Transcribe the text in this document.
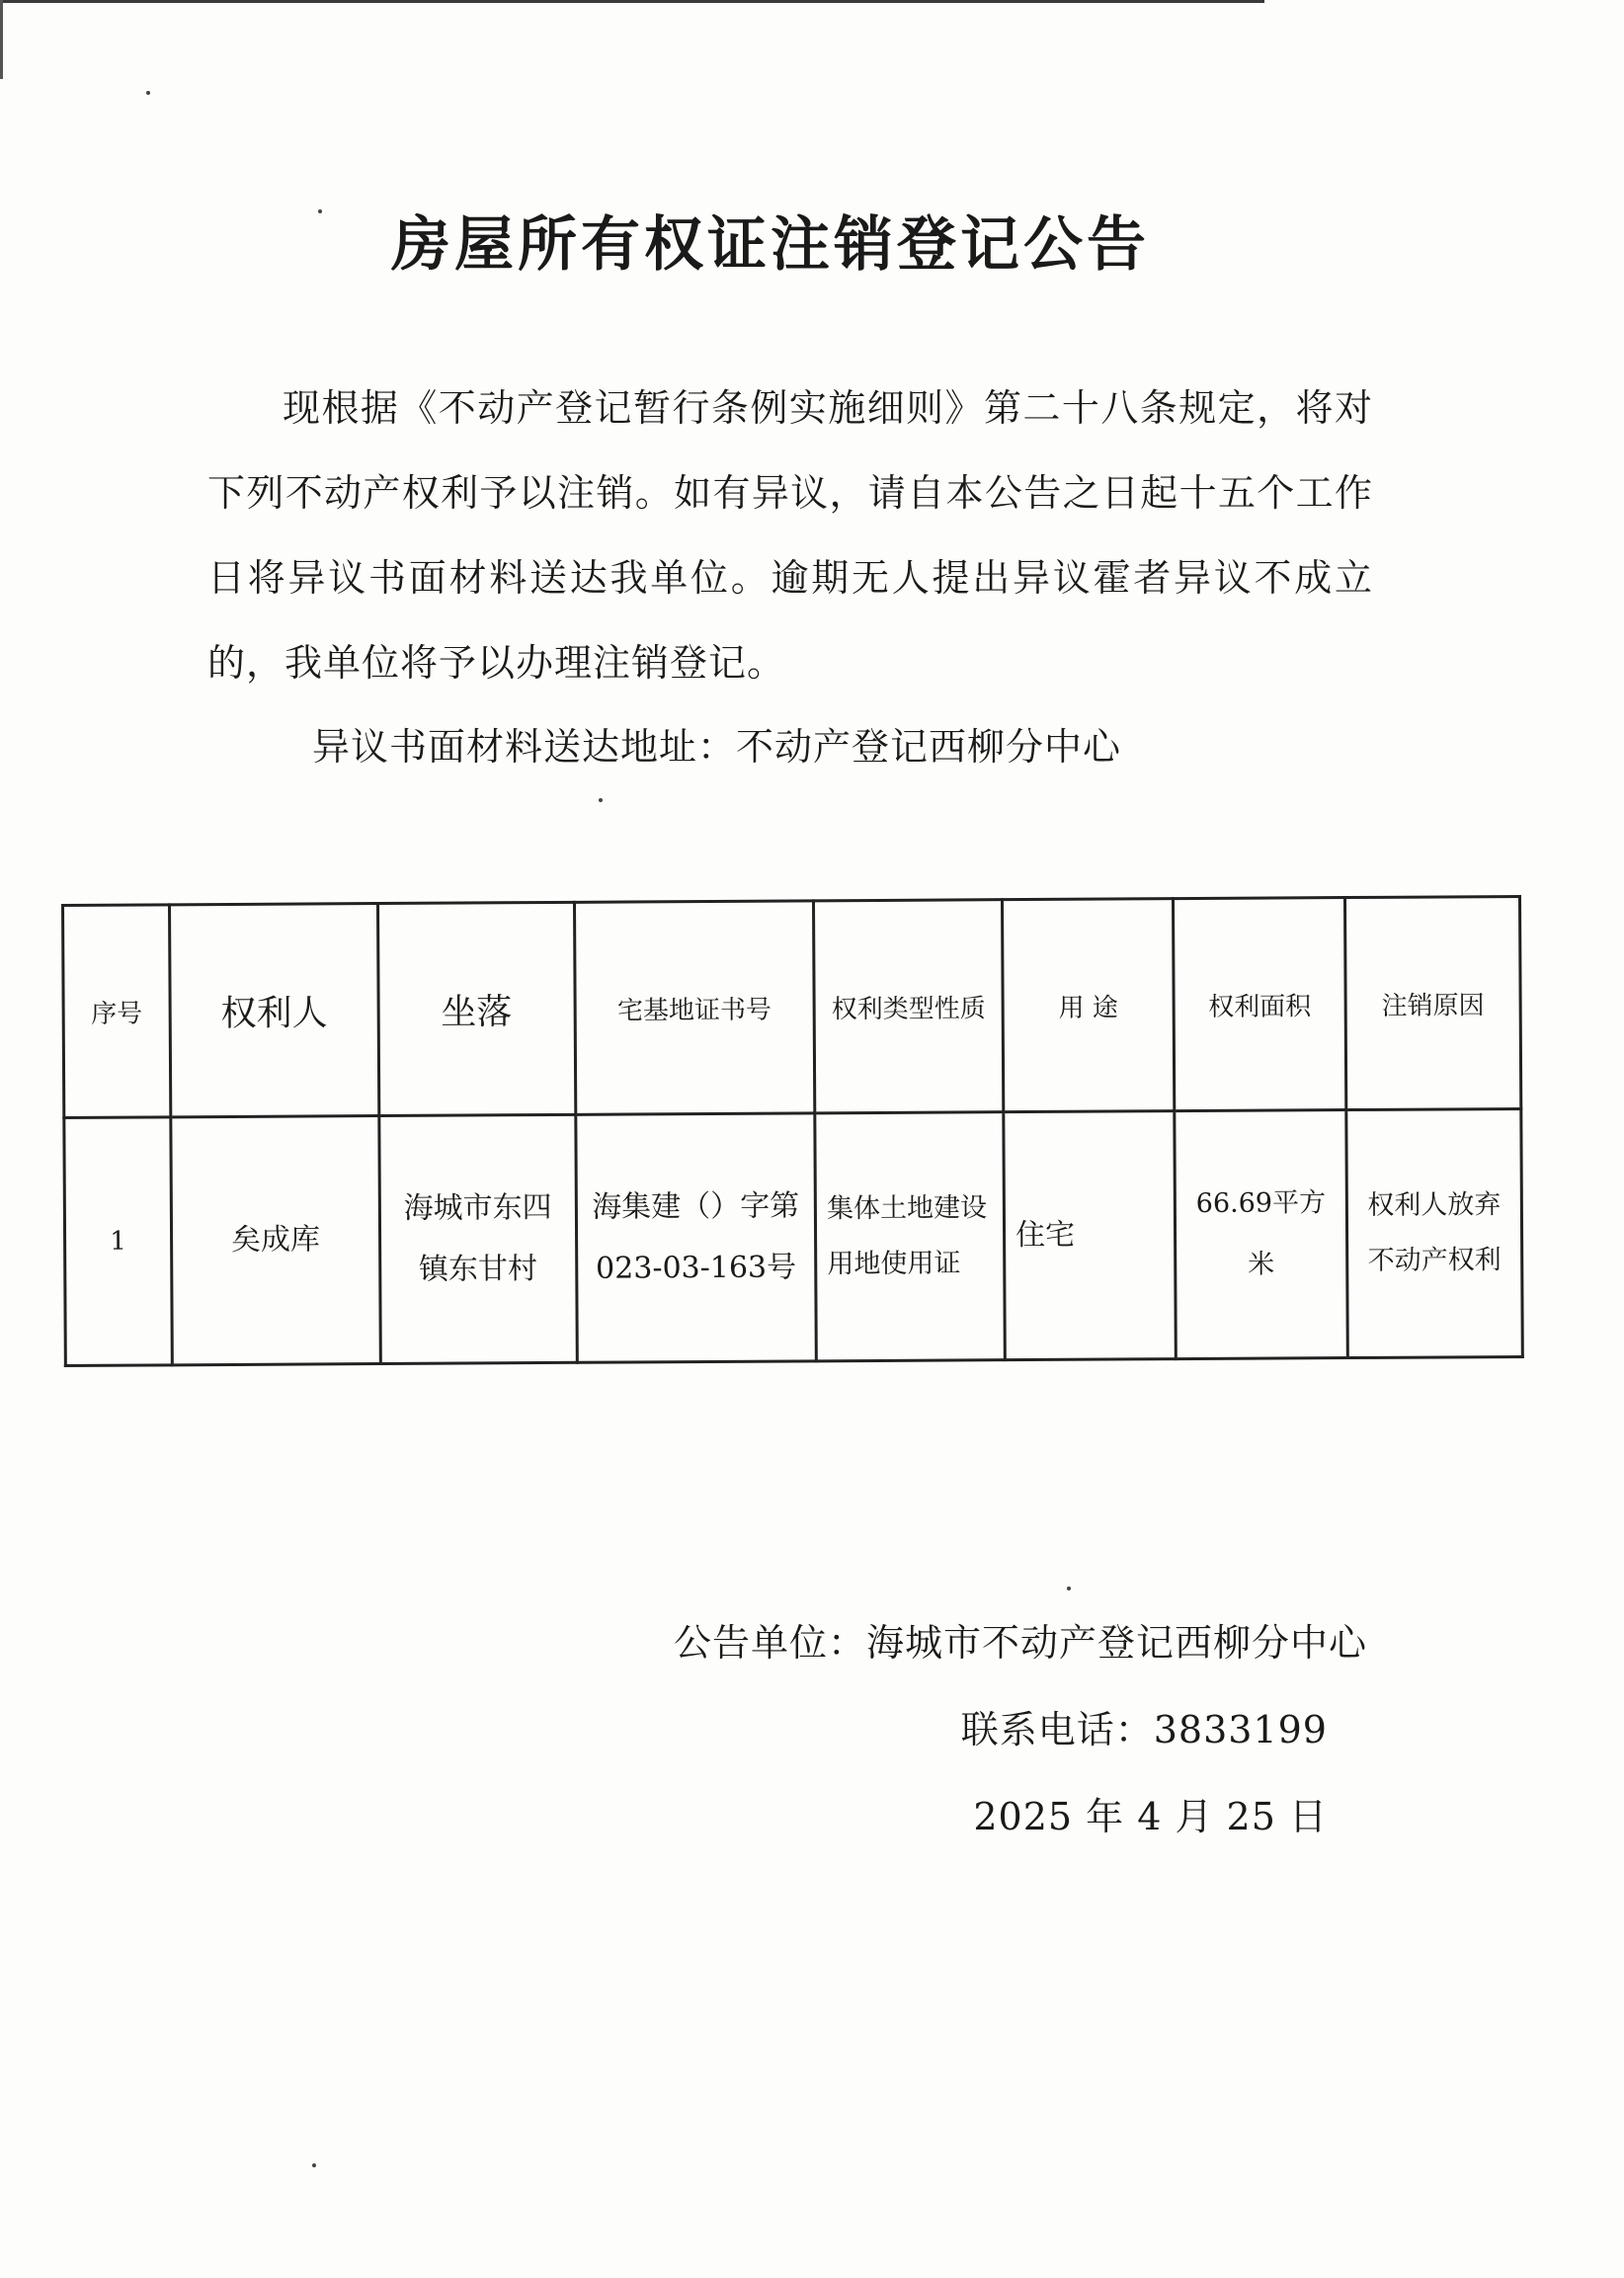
房屋所有权证注销登记公告
现根据《不动产登记暂行条例实施细则》第二十八条规定，将对下列不动产权利予以注销。如有异议，请自本公告之日起十五个工作日将异议书面材料送达我单位。逾期无人提出异议霍者异议不成立的，我单位将予以办理注销登记。
异议书面材料送达地址：不动产登记西柳分中心
序号	权利人	坐落	宅基地证书号	权利类型性质	用 途	权利面积	注销原因
1	矣成库	海城市东四镇东甘村	海集建（）字第023-03-163号	集体土地建设用地使用证	住宅	66.69平方米	权利人放弃不动产权利
公告单位：海城市不动产登记西柳分中心
联系电话：3833199
2025 年 4 月 25 日
